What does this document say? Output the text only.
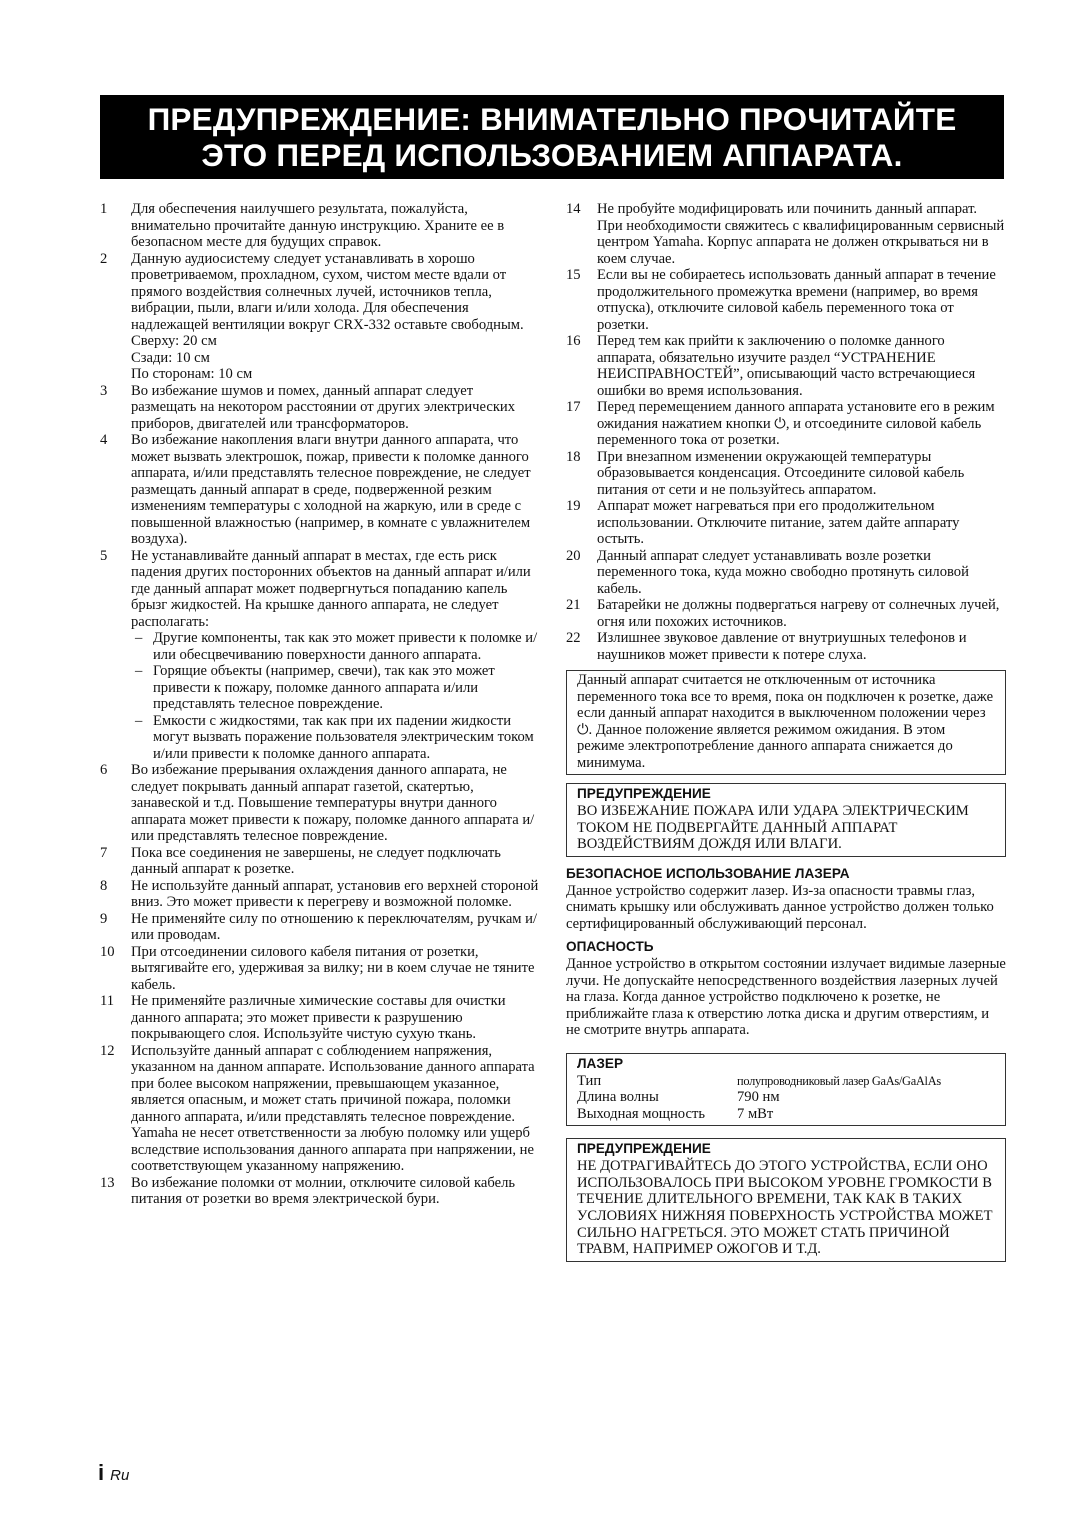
ПРЕДУПРЕЖДЕНИЕ: ВНИМАТЕЛЬНО ПРОЧИТАЙТЕ
ЭТО ПЕРЕД ИСПОЛЬЗОВАНИЕМ АППАРАТА.
1	Для обеспечения наилучшего результата, пожалуйста, внимательно прочитайте данную инструкцию. Храните ее в безопасном месте для будущих справок.

2	Данную аудиосистему следует устанавливать в хорошо проветриваемом, прохладном, сухом, чистом месте вдали от прямого воздействия солнечных лучей, источников тепла, вибрации, пыли, влаги и/или холода. Для обеспечения надлежащей вентиляции вокруг CRX-332 оставьте свободным.

Сверху: 20 см

Сзади: 10 см

По сторонам: 10 см

3	Во избежание шумов и помех, данный аппарат следует размещать на некотором расстоянии от других электрических приборов, двигателей или трансформаторов.

4	Во избежание накопления влаги внутри данного аппарата, что может вызвать электрошок, пожар, привести к поломке данного аппарата, и/или представлять телесное повреждение, не следует размещать данный аппарат в среде, подверженной резким изменениям температуры с холодной на жаркую, или в среде с повышенной влажностью (например, в комнате с увлажнителем воздуха).

5	Не устанавливайте данный аппарат в местах, где есть риск падения других посторонних объектов на данный аппарат и/или где данный аппарат может подвергнуться попаданию капель брызг жидкостей. На крышке данного аппарата, не следует располагать:

– Другие компоненты, так как это может привести к поломке и/или обесцвечиванию поверхности данного аппарата.
– Горящие объекты (например, свечи), так как это может привести к пожару, поломке данного аппарата и/или представлять телесное повреждение.
– Емкости с жидкостями, так как при их падении жидкости могут вызвать поражение пользователя электрическим током и/или привести к поломке данного аппарата.
6	Во избежание прерывания охлаждения данного аппарата, не следует покрывать данный аппарат газетой, скатертью, занавеской и т.д. Повышение температуры внутри данного аппарата может привести к пожару, поломке данного аппарата и/или представлять телесное повреждение.

7	Пока все соединения не завершены, не следует подключать данный аппарат к розетке.

8	Не используйте данный аппарат, установив его верхней стороной вниз. Это может привести к перегреву и возможной поломке.

9	Не применяйте силу по отношению к переключателям, ручкам и/или проводам.

10	При отсоединении силового кабеля питания от розетки, вытягивайте его, удерживая за вилку; ни в коем случае не тяните кабель.

11	Не применяйте различные химические составы для очистки данного аппарата; это может привести к разрушению покрывающего слоя. Используйте чистую сухую ткань.

12	Используйте данный аппарат с соблюдением напряжения, указанном на данном аппарате. Использование данного аппарата при более высоком напряжении, превышающем указанное, является опасным, и может стать причиной пожара, поломки данного аппарата, и/или представлять телесное повреждение. Yamaha не несет ответственности за любую поломку или ущерб вследствие использования данного аппарата при напряжении, не соответствующем указанному напряжению.

13	Во избежание поломки от молнии, отключите силовой кабель питания от розетки во время электрической бури.

14	Не пробуйте модифицировать или починить данный аппарат. При необходимости свяжитесь с квалифицированным сервисный центром Yamaha. Корпус аппарата не должен открываться ни в коем случае.

15	Если вы не собираетесь использовать данный аппарат в течение продолжительного промежутка времени (например, во время отпуска), отключите силовой кабель переменного тока от розетки.

16	Перед тем как прийти к заключению о поломке данного аппарата, обязательно изучите раздел “УСТРАНЕНИЕ НЕИСПРАВНОСТЕЙ”, описывающий часто встречающиеся ошибки во время использования.

17	Перед перемещением данного аппарата установите его в режим ожидания нажатием кнопки ⏻, и отсоедините силовой кабель переменного тока от розетки.

18	При внезапном изменении окружающей температуры образовывается конденсация. Отсоедините силовой кабель питания от сети и не пользуйтесь аппаратом.

19	Аппарат может нагреваться при его продолжительном использовании. Отключите питание, затем дайте аппарату остыть.

20	Данный аппарат следует устанавливать возле розетки переменного тока, куда можно свободно протянуть силовой кабель.

21	Батарейки не должны подвергаться нагреву от солнечных лучей, огня или похожих источников.

22	Излишнее звуковое давление от внутриушных телефонов и наушников может привести к потере слуха.

Данный аппарат считается не отключенным от источника переменного тока все то время, пока он подключен к розетке, даже если данный аппарат находится в выключенном положении через ⏻. Данное положение является режимом ожидания. В этом режиме электропотребление данного аппарата снижается до минимума.
ПРЕДУПРЕЖДЕНИЕ
ВО ИЗБЕЖАНИЕ ПОЖАРА ИЛИ УДАРА ЭЛЕКТРИЧЕСКИМ ТОКОМ НЕ ПОДВЕРГАЙТЕ ДАННЫЙ АППАРАТ ВОЗДЕЙСТВИЯМ ДОЖДЯ ИЛИ ВЛАГИ.
БЕЗОПАСНОЕ ИСПОЛЬЗОВАНИЕ ЛАЗЕРА

Данное устройство содержит лазер. Из-за опасности травмы глаз, снимать крышку или обслуживать данное устройство должен только сертифицированный обслуживающий персонал.

ОПАСНОСТЬ

Данное устройство в открытом состоянии излучает видимые лазерные лучи. Не допускайте непосредственного воздействия лазерных лучей на глаза. Когда данное устройство подключено к розетке, не приближайте глаза к отверстию лотка диска и другим отверстиям, и не смотрите внутрь аппарата.

ЛАЗЕР
Тип	полупроводниковый лазер GaAs/GaAlAs
Длина волны	790 нм
Выходная мощность	7 мВт
ПРЕДУПРЕЖДЕНИЕ
НЕ ДОТРАГИВАЙТЕСЬ ДО ЭТОГО УСТРОЙСТВА, ЕСЛИ ОНО ИСПОЛЬЗОВАЛОСЬ ПРИ ВЫСОКОМ УРОВНЕ ГРОМКОСТИ В ТЕЧЕНИЕ ДЛИТЕЛЬНОГО ВРЕМЕНИ, ТАК КАК В ТАКИХ УСЛОВИЯХ НИЖНЯЯ ПОВЕРХНОСТЬ УСТРОЙСТВА МОЖЕТ СИЛЬНО НАГРЕТЬСЯ. ЭТО МОЖЕТ СТАТЬ ПРИЧИНОЙ ТРАВМ, НАПРИМЕР ОЖОГОВ И Т.Д.
i Ru
